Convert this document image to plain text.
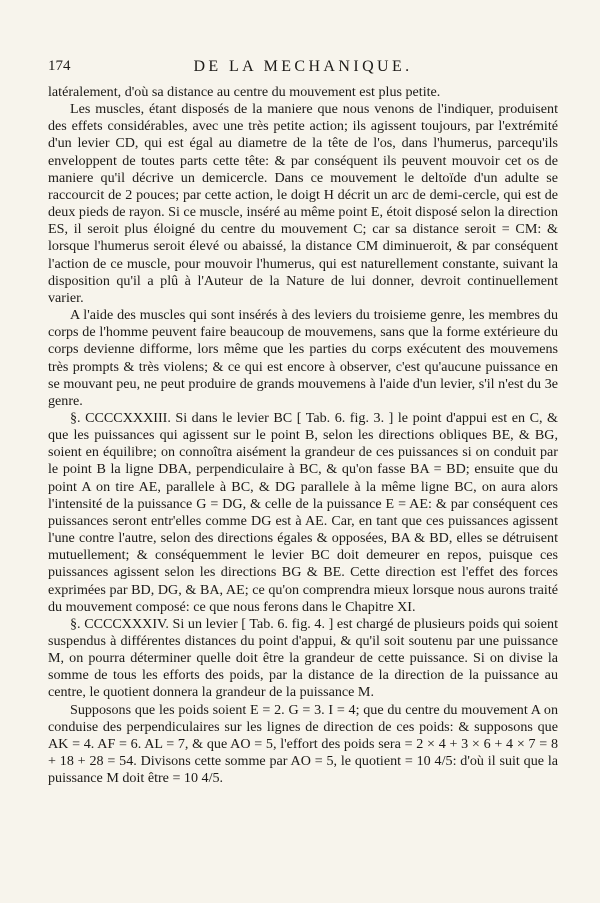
174	DE LA MECHANIQUE.

latéralement, d'où sa distance au centre du mouvement est plus petite.

Les muscles, étant disposés de la maniere que nous venons de l'indiquer, produisent des effets considérables, avec une très petite action; ils agissent toujours, par l'extrémité d'un levier CD, qui est égal au diametre de la tête de l'os, dans l'humerus, parcequ'ils enveloppent de toutes parts cette tête: & par conséquent ils peuvent mouvoir cet os de maniere qu'il décrive un demicercle. Dans ce mouvement le deltoïde d'un adulte se raccourcit de 2 pouces; par cette action, le doigt H décrit un arc de demi-cercle, qui est de deux pieds de rayon. Si ce muscle, inséré au même point E, étoit disposé selon la direction ES, il seroit plus éloigné du centre du mouvement C; car sa distance seroit = CM: & lorsque l'humerus seroit élevé ou abaissé, la distance CM diminueroit, & par conséquent l'action de ce muscle, pour mouvoir l'humerus, qui est naturellement constante, suivant la disposition qu'il a plû à l'Auteur de la Nature de lui donner, devroit continuellement varier.

A l'aide des muscles qui sont insérés à des leviers du troisieme genre, les membres du corps de l'homme peuvent faire beaucoup de mouvemens, sans que la forme extérieure du corps devienne difforme, lors même que les parties du corps exécutent des mouvemens très prompts & très violens; & ce qui est encore à observer, c'est qu'aucune puissance en se mouvant peu, ne peut produire de grands mouvemens à l'aide d'un levier, s'il n'est du 3e genre.

§. CCCCXXXIII. Si dans le levier BC [ Tab. 6. fig. 3. ] le point d'appui est en C, & que les puissances qui agissent sur le point B, selon les directions obliques BE, & BG, soient en équilibre; on connoîtra aisément la grandeur de ces puissances si on conduit par le point B la ligne DBA, perpendiculaire à BC, & qu'on fasse BA = BD; ensuite que du point A on tire AE, parallele à BC, & DG parallele à la même ligne BC, on aura alors l'intensité de la puissance G = DG, & celle de la puissance E = AE: & par conséquent ces puissances seront entr'elles comme DG est à AE. Car, en tant que ces puissances agissent l'une contre l'autre, selon des directions égales & opposées, BA & BD, elles se détruisent mutuellement; & conséquemment le levier BC doit demeurer en repos, puisque ces puissances agissent selon les directions BG & BE. Cette direction est l'effet des forces exprimées par BD, DG, & BA, AE; ce qu'on comprendra mieux lorsque nous aurons traité du mouvement composé: ce que nous ferons dans le Chapitre XI.

§. CCCCXXXIV. Si un levier [ Tab. 6. fig. 4. ] est chargé de plusieurs poids qui soient suspendus à différentes distances du point d'appui, & qu'il soit soutenu par une puissance M, on pourra déterminer quelle doit être la grandeur de cette puissance. Si on divise la somme de tous les efforts des poids, par la distance de la direction de la puissance au centre, le quotient donnera la grandeur de la puissance M.

Supposons que les poids soient E = 2. G = 3. I = 4; que du centre du mouvement A on conduise des perpendiculaires sur les lignes de direction de ces poids: & supposons que AK = 4. AF = 6. AL = 7, & que AO = 5, l'effort des poids sera = 2 × 4 + 3 × 6 + 4 × 7 = 8 + 18 + 28 = 54. Divisons cette somme par AO = 5, le quotient = 10 4/5: d'où il suit que la puissance M doit être = 10 4/5.
